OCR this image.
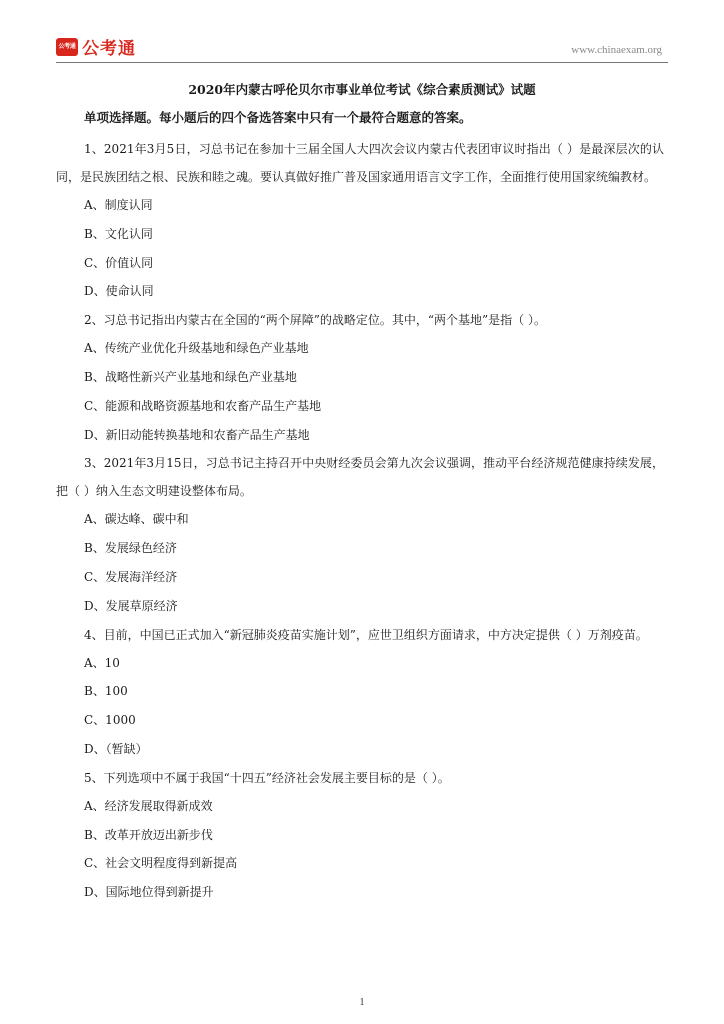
公考通 公考通	www.chinaexam.org
2020年内蒙古呼伦贝尔市事业单位考试《综合素质测试》试题
单项选择题。每小题后的四个备选答案中只有一个最符合题意的答案。

1、2021年3月5日，习总书记在参加十三届全国人大四次会议内蒙古代表团审议时指出（ ）是最深层次的认同，是民族团结之根、民族和睦之魂。要认真做好推广普及国家通用语言文字工作，全面推行使用国家统编教材。

A、制度认同

B、文化认同

C、价值认同

D、使命认同

2、习总书记指出内蒙古在全国的“两个屏障”的战略定位。其中，“两个基地”是指（ ）。

A、传统产业优化升级基地和绿色产业基地

B、战略性新兴产业基地和绿色产业基地

C、能源和战略资源基地和农畜产品生产基地

D、新旧动能转换基地和农畜产品生产基地

3、2021年3月15日，习总书记主持召开中央财经委员会第九次会议强调，推动平台经济规范健康持续发展，把（ ）纳入生态文明建设整体布局。

A、碳达峰、碳中和

B、发展绿色经济

C、发展海洋经济

D、发展草原经济

4、目前，中国已正式加入“新冠肺炎疫苗实施计划”，应世卫组织方面请求，中方决定提供（ ）万剂疫苗。

A、10

B、100

C、1000

D、（暂缺）

5、下列选项中不属于我国“十四五”经济社会发展主要目标的是（ ）。

A、经济发展取得新成效

B、改革开放迈出新步伐

C、社会文明程度得到新提高

D、国际地位得到新提升

1
